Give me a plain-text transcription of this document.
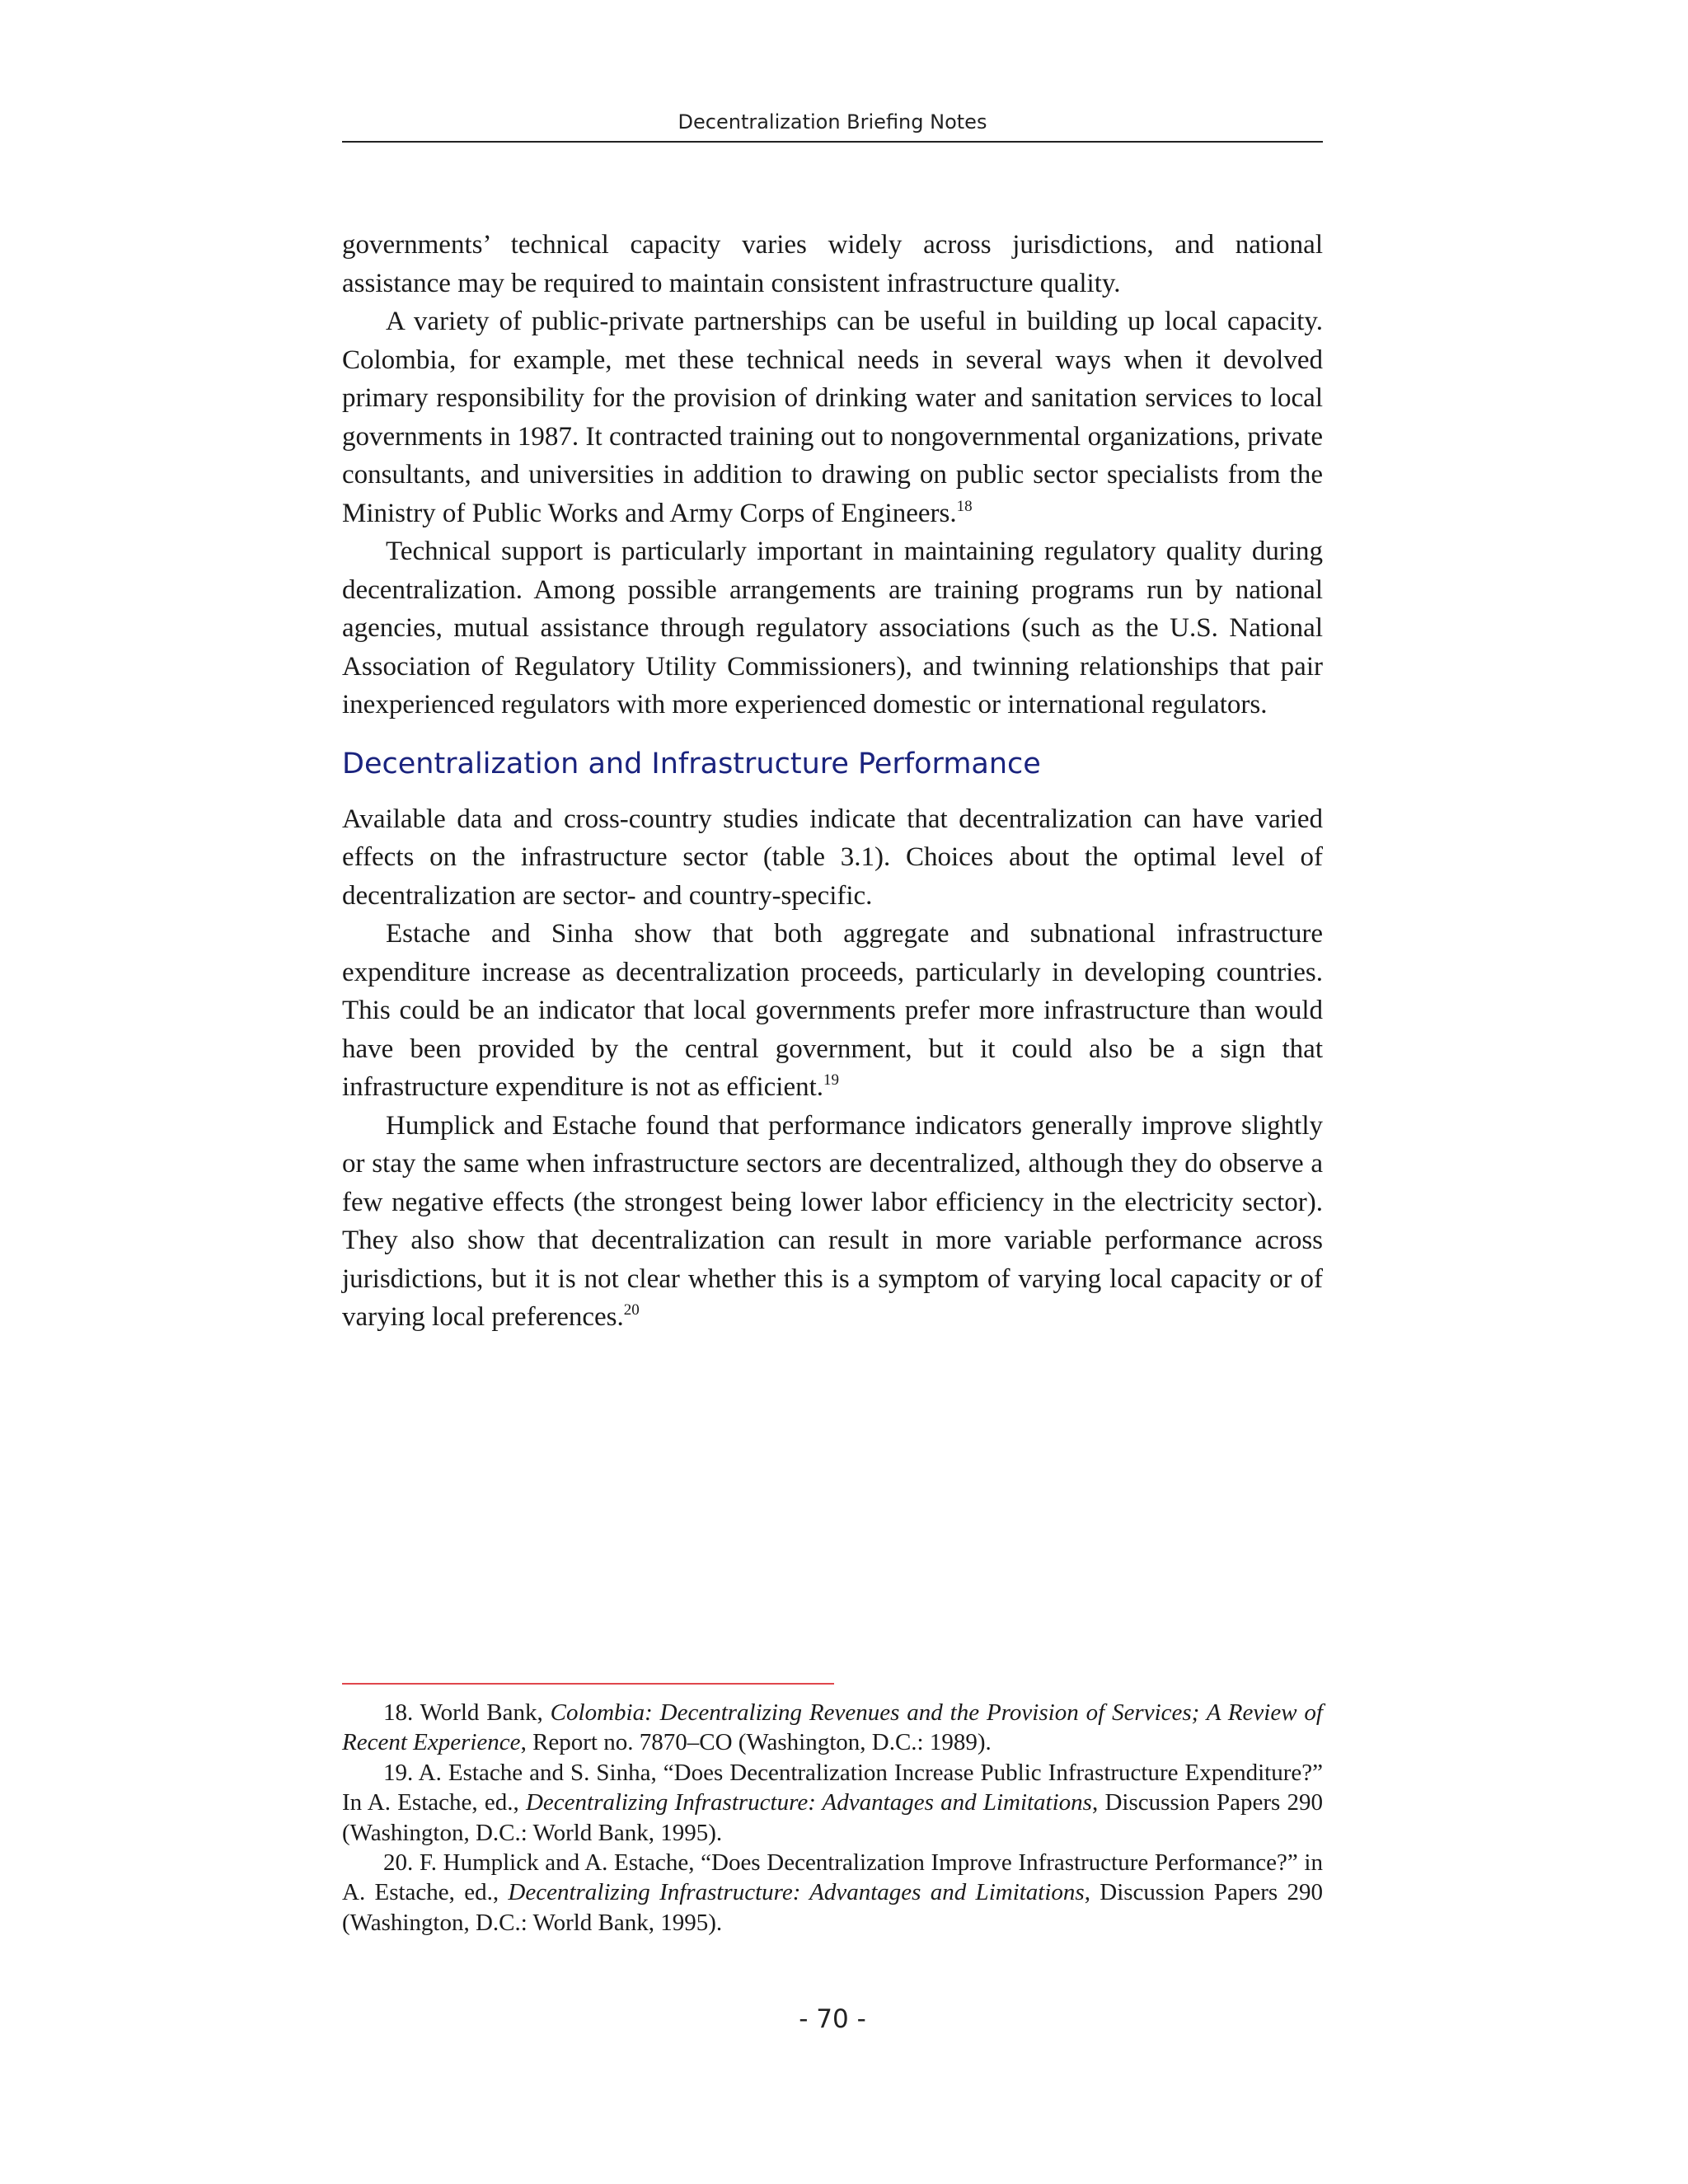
Decentralization Briefing Notes

governments’ technical capacity varies widely across jurisdictions, and national assistance may be required to maintain consistent infrastructure quality.

A variety of public-private partnerships can be useful in building up local capacity. Colombia, for example, met these technical needs in several ways when it devolved primary responsibility for the provision of drinking water and sanitation services to local governments in 1987. It contracted training out to nongovernmental organizations, private consultants, and universities in addition to drawing on public sector specialists from the Ministry of Public Works and Army Corps of Engineers.$^{18}$

Technical support is particularly important in maintaining regulatory quality during decentralization. Among possible arrangements are training programs run by national agencies, mutual assistance through regulatory associations (such as the U.S. National Association of Regulatory Utility Commissioners), and twinning relationships that pair inexperienced regulators with more experienced domestic or international regulators.

Decentralization and Infrastructure Performance

Available data and cross-country studies indicate that decentralization can have varied effects on the infrastructure sector (table 3.1). Choices about the optimal level of decentralization are sector- and country-specific.

Estache and Sinha show that both aggregate and subnational infrastructure expenditure increase as decentralization proceeds, particularly in developing countries. This could be an indicator that local governments prefer more infrastructure than would have been provided by the central government, but it could also be a sign that infrastructure expenditure is not as efficient.$^{19}$

Humplick and Estache found that performance indicators generally improve slightly or stay the same when infrastructure sectors are decentralized, although they do observe a few negative effects (the strongest being lower labor efficiency in the electricity sector). They also show that decentralization can result in more variable performance across jurisdictions, but it is not clear whether this is a symptom of varying local capacity or of varying local preferences.$^{20}$

18. World Bank, Colombia: Decentralizing Revenues and the Provision of Services; A Review of Recent Experience, Report no. 7870–CO (Washington, D.C.: 1989).

19. A. Estache and S. Sinha, “Does Decentralization Increase Public Infrastructure Expenditure?” In A. Estache, ed., Decentralizing Infrastructure: Advantages and Limitations, Discussion Papers 290 (Washington, D.C.: World Bank, 1995).

20. F. Humplick and A. Estache, “Does Decentralization Improve Infrastructure Performance?” in A. Estache, ed., Decentralizing Infrastructure: Advantages and Limitations, Discussion Papers 290 (Washington, D.C.: World Bank, 1995).

- 70 -
